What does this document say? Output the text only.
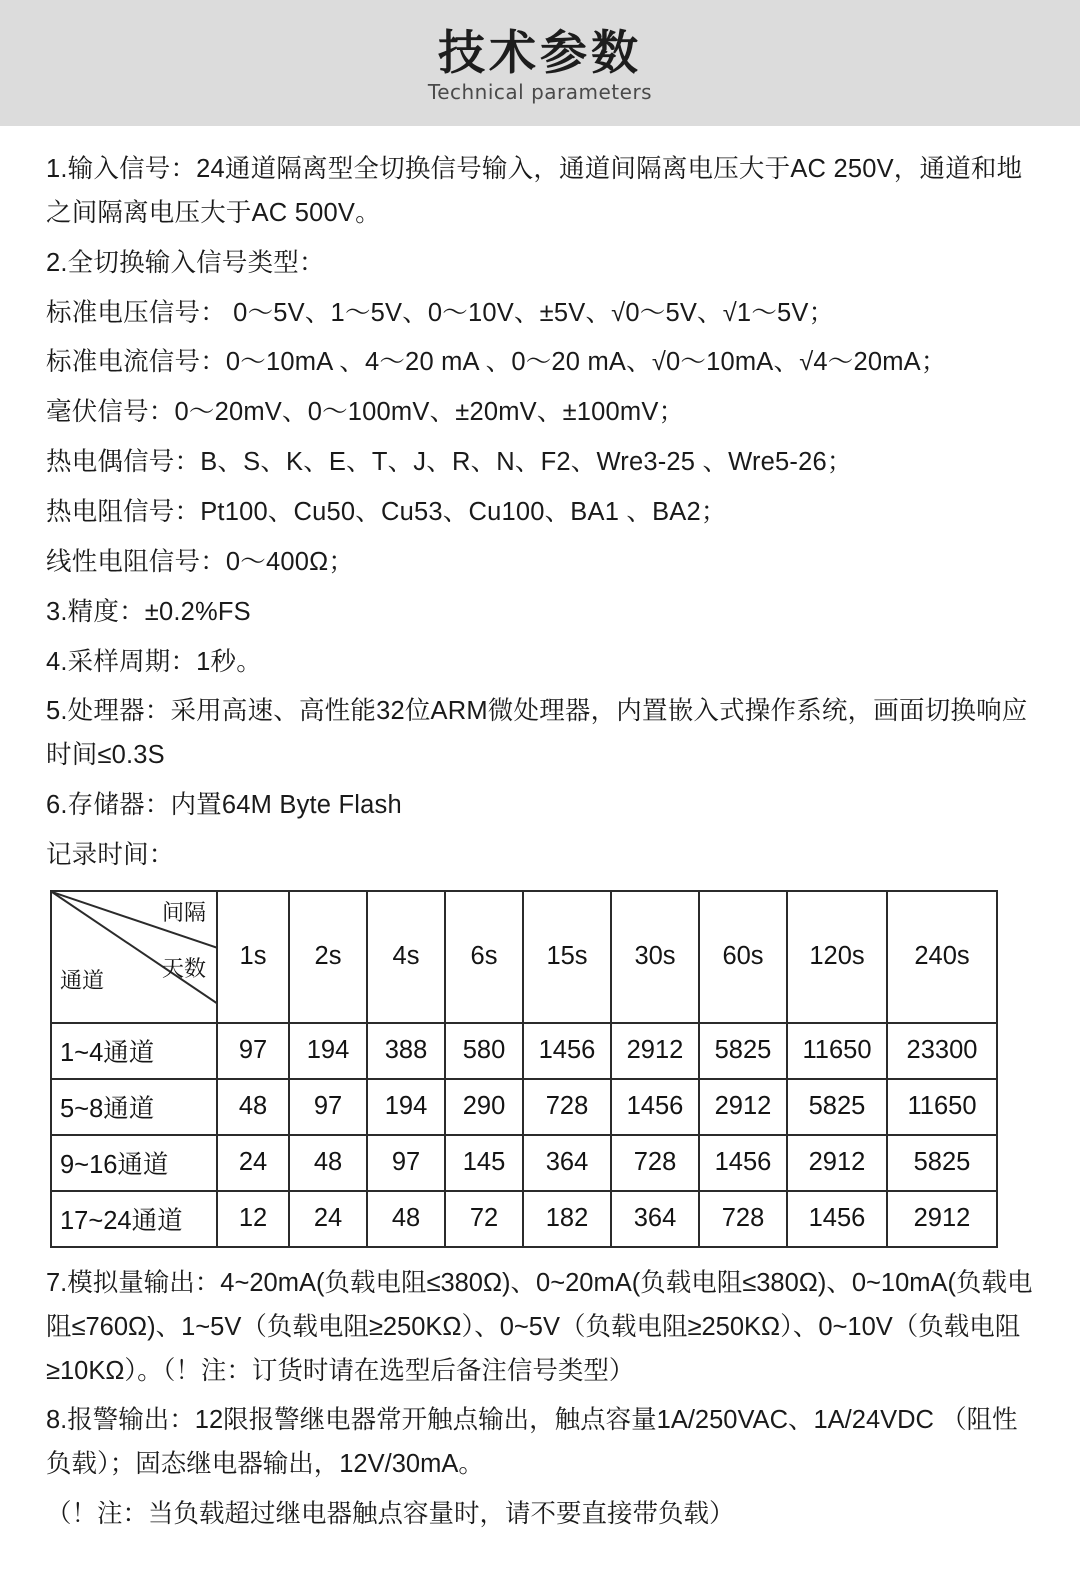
技术参数
Technical parameters

1.输入信号：24通道隔离型全切换信号输入，通道间隔离电压大于AC 250V，通道和地之间隔离电压大于AC 500V。

2.全切换输入信号类型：

标准电压信号： 0～5V、1～5V、0～10V、±5V、√0～5V、√1～5V；

标准电流信号：0～10mA 、4～20 mA 、0～20 mA、√0～10mA、√4～20mA；

毫伏信号：0～20mV、0～100mV、±20mV、±100mV；

热电偶信号：B、S、K、E、T、J、R、N、F2、Wre3-25 、Wre5-26；

热电阻信号：Pt100、Cu50、Cu53、Cu100、BA1 、BA2；

线性电阻信号：0～400Ω；

3.精度：±0.2%FS

4.采样周期：1秒。

5.处理器：采用高速、高性能32位ARM微处理器，内置嵌入式操作系统，画面切换响应时间≤0.3S

6.存储器：内置64M Byte Flash

记录时间：

间隔
天数
通道	1s	2s	4s	6s	15s	30s	60s	120s	240s
1~4通道	97	194	388	580	1456	2912	5825	11650	23300
5~8通道	48	97	194	290	728	1456	2912	5825	11650
9~16通道	24	48	97	145	364	728	1456	2912	5825
17~24通道	12	24	48	72	182	364	728	1456	2912

7.模拟量输出：4~20mA(负载电阻≤380Ω)、0~20mA(负载电阻≤380Ω)、0~10mA(负载电阻≤760Ω)、1~5V（负载电阻≥250KΩ）、0~5V（负载电阻≥250KΩ）、0~10V（负载电阻≥10KΩ）。（！注：订货时请在选型后备注信号类型）

8.报警输出：12限报警继电器常开触点输出，触点容量1A/250VAC、1A/24VDC （阻性负载）；固态继电器输出，12V/30mA。

（！注：当负载超过继电器触点容量时，请不要直接带负载）
